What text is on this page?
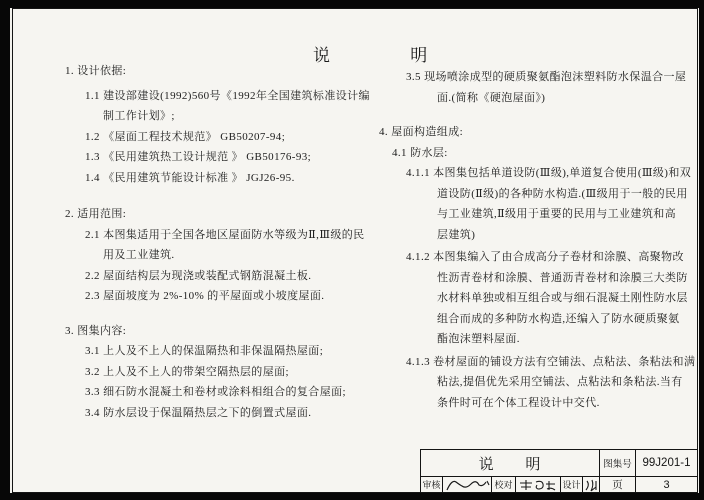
说 明
1. 设计依据:
1.1 建设部建设(1992)560号《1992年全国建筑标准设计编
制工作计划》;
1.2 《屋面工程技术规范》 GB50207-94;
1.3 《民用建筑热工设计规范 》 GB50176-93;
1.4 《民用建筑节能设计标准 》 JGJ26-95.
2. 适用范围:
2.1 本图集适用于全国各地区屋面防水等级为Ⅱ,Ⅲ级的民
用及工业建筑.
2.2 屋面结构层为现浇或装配式钢筋混凝土板.
2.3 屋面坡度为 2%-10% 的平屋面或小坡度屋面.
3. 图集内容:
3.1 上人及不上人的保温隔热和非保温隔热屋面;
3.2 上人及不上人的带架空隔热层的屋面;
3.3 细石防水混凝土和卷材或涂料相组合的复合屋面;
3.4 防水层设于保温隔热层之下的倒置式屋面.
3.5 现场喷涂成型的硬质聚氨酯泡沫塑料防水保温合一屋
面.(简称《硬泡屋面》)
4. 屋面构造组成:
4.1 防水层:
4.1.1 本图集包括单道设防(Ⅲ级),单道复合使用(Ⅲ级)和双
道设防(Ⅱ级)的各种防水构造.(Ⅲ级用于一般的民用
与工业建筑,Ⅱ级用于重要的民用与工业建筑和高
层建筑)
4.1.2 本图集编入了由合成高分子卷材和涂膜、高聚物改
性沥青卷材和涂膜、普通沥青卷材和涂膜三大类防
水材料单独或相互组合或与细石混凝土刚性防水层
组合而成的多种防水构造,还编入了防水硬质聚氨
酯泡沫塑料屋面.
4.1.3 卷材屋面的铺设方法有空铺法、点粘法、条粘法和满
粘法,提倡优先采用空铺法、点粘法和条粘法.当有
条件时可在个体工程设计中交代.
说 明	图集号 99J201-1
审核	校对	设计	页	3
